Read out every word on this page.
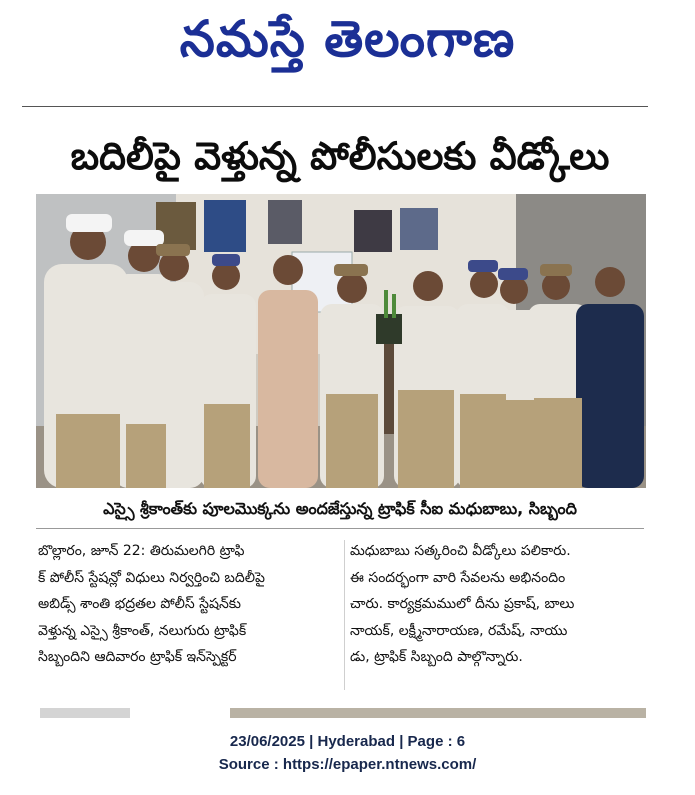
నమస్తే తెలంగాణ
బదిలీపై వెళ్తున్న పోలీసులకు వీడ్కోలు
ఎస్సై శ్రీకాంత్‌కు పూలమొక్కను అందజేస్తున్న ట్రాఫిక్ సీఐ మధుబాబు, సిబ్బంది
బొల్లారం, జూన్ 22: తిరుమలగిరి ట్రాఫి
క్ పోలీస్ స్టేషన్లో విధులు నిర్వర్తించి బదిలీపై
అబిడ్స్ శాంతి భద్రతల పోలీస్ స్టేషన్‌కు
వెళ్తున్న ఎస్సై శ్రీకాంత్, నలుగురు ట్రాఫిక్
సిబ్బందిని ఆదివారం ట్రాఫిక్ ఇన్‌స్పెక్టర్
మధుబాబు సత్కరించి వీడ్కోలు పలికారు.
ఈ సందర్భంగా వారి సేవలను అభినందిం
చారు. కార్యక్రమములో దీను ప్రకాష్, బాలు
నాయక్, లక్ష్మీనారాయణ, రమేష్, నాయు
డు, ట్రాఫిక్ సిబ్బంది పాల్గొన్నారు.
23/06/2025 | Hyderabad | Page : 6
Source : https://epaper.ntnews.com/
